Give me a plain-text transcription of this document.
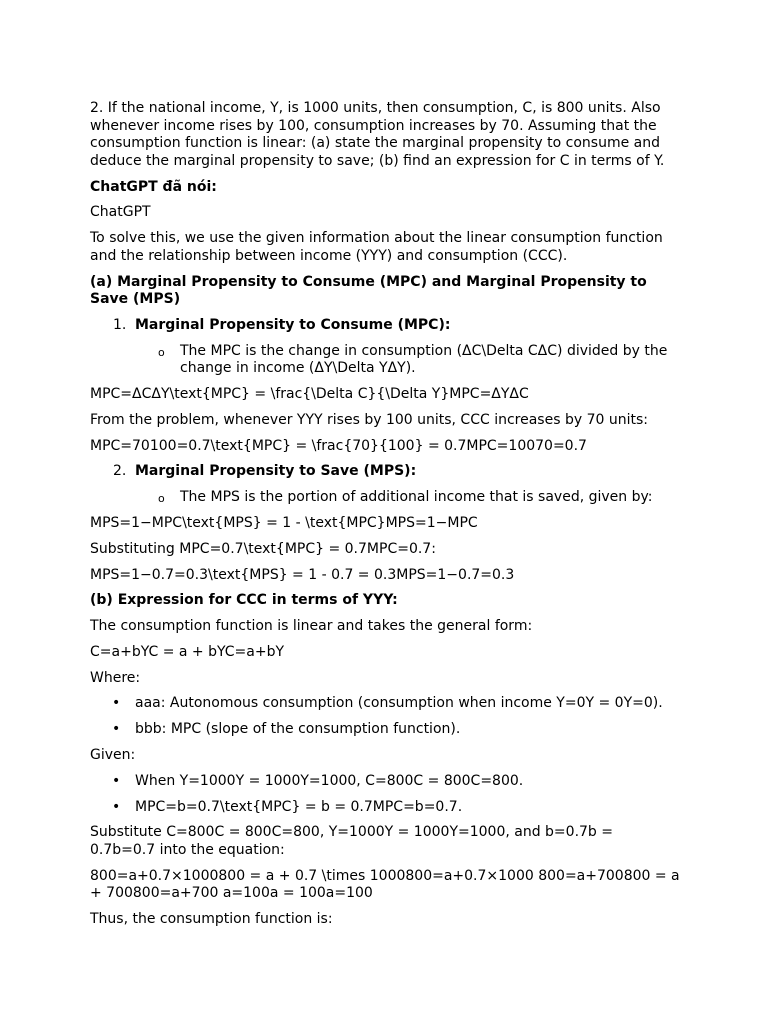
2. If the national income, Y, is 1000 units, then consumption, C, is 800 units. Also whenever income rises by 100, consumption increases by 70. Assuming that the consumption function is linear: (a) state the marginal propensity to consume and deduce the marginal propensity to save; (b) find an expression for C in terms of Y.

ChatGPT đã nói:

ChatGPT

To solve this, we use the given information about the linear consumption function and the relationship between income (YYY) and consumption (CCC).

(a) Marginal Propensity to Consume (MPC) and Marginal Propensity to Save (MPS)

1. Marginal Propensity to Consume (MPC):
o The MPC is the change in consumption (ΔC\Delta CΔC) divided by the change in income (ΔY\Delta YΔY).

MPC=ΔCΔY\text{MPC} = \frac{\Delta C}{\Delta Y}MPC=ΔYΔC

From the problem, whenever YYY rises by 100 units, CCC increases by 70 units:

MPC=70100=0.7\text{MPC} = \frac{70}{100} = 0.7MPC=10070=0.7

2. Marginal Propensity to Save (MPS):
o The MPS is the portion of additional income that is saved, given by:

MPS=1−MPC\text{MPS} = 1 - \text{MPC}MPS=1−MPC

Substituting MPC=0.7\text{MPC} = 0.7MPC=0.7:

MPS=1−0.7=0.3\text{MPS} = 1 - 0.7 = 0.3MPS=1−0.7=0.3

(b) Expression for CCC in terms of YYY:

The consumption function is linear and takes the general form:

C=a+bYC = a + bYC=a+bY

Where:

• aaa: Autonomous consumption (consumption when income Y=0Y = 0Y=0).
• bbb: MPC (slope of the consumption function).

Given:

• When Y=1000Y = 1000Y=1000, C=800C = 800C=800.
• MPC=b=0.7\text{MPC} = b = 0.7MPC=b=0.7.

Substitute C=800C = 800C=800, Y=1000Y = 1000Y=1000, and b=0.7b = 0.7b=0.7 into the equation:

800=a+0.7×1000800 = a + 0.7 \times 1000800=a+0.7×1000 800=a+700800 = a + 700800=a+700 a=100a = 100a=100

Thus, the consumption function is:
